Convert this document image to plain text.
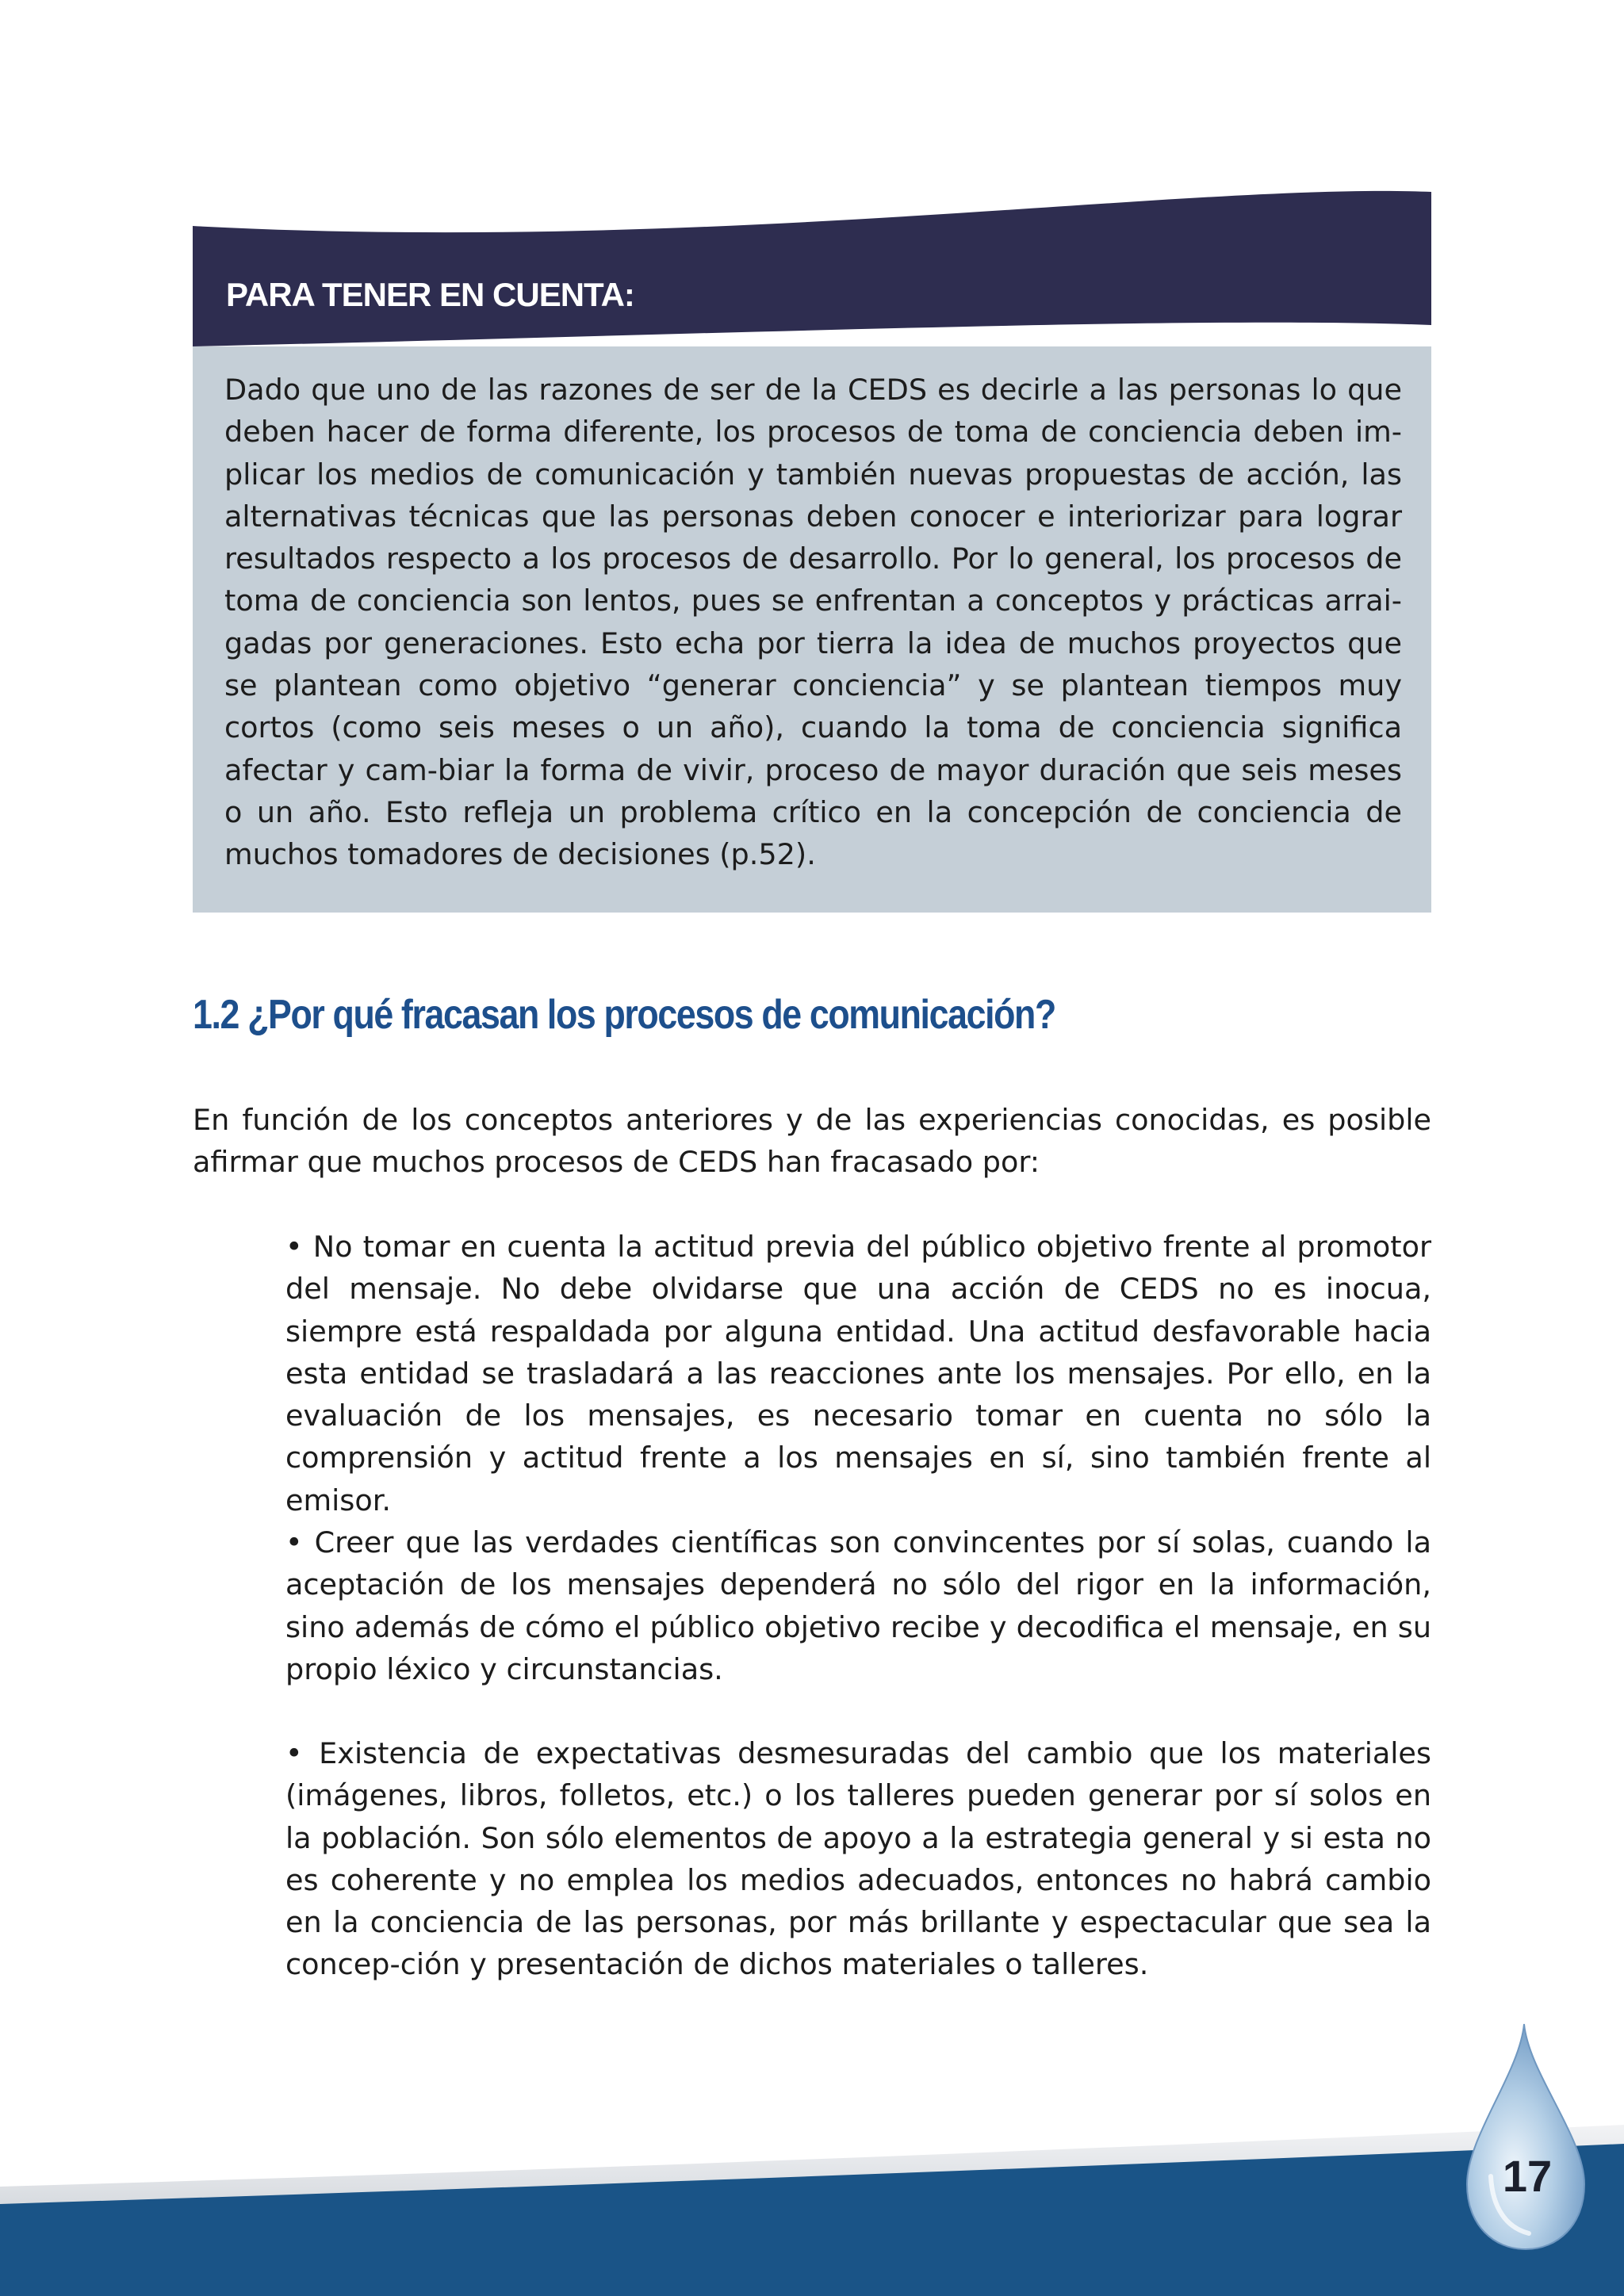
PARA TENER EN CUENTA:

Dado que uno de las razones de ser de la CEDS es decirle a las personas lo que deben hacer de forma diferente, los procesos de toma de conciencia deben im-plicar los medios de comunicación y también nuevas propuestas de acción, las alternativas técnicas que las personas deben conocer e interiorizar para lograr resultados respecto a los procesos de desarrollo. Por lo general, los procesos de toma de conciencia son lentos, pues se enfrentan a conceptos y prácticas arrai-gadas por generaciones. Esto echa por tierra la idea de muchos proyectos que se plantean como objetivo “generar conciencia” y se plantean tiempos muy cortos (como seis meses o un año), cuando la toma de conciencia significa afectar y cam-biar la forma de vivir, proceso de mayor duración que seis meses o un año. Esto refleja un problema crítico en la concepción de conciencia de muchos tomadores de decisiones (p.52).

1.2 ¿Por qué fracasan los procesos de comunicación?

En función de los conceptos anteriores y de las experiencias conocidas, es posible afirmar que muchos procesos de CEDS han fracasado por:

• No tomar en cuenta la actitud previa del público objetivo frente al promotor del mensaje. No debe olvidarse que una acción de CEDS no es inocua, siempre está respaldada por alguna entidad. Una actitud desfavorable hacia esta entidad se trasladará a las reacciones ante los mensajes. Por ello, en la evaluación de los mensajes, es necesario tomar en cuenta no sólo la comprensión y actitud frente a los mensajes en sí, sino también frente al emisor.

• Creer que las verdades científicas son convincentes por sí solas, cuando la aceptación de los mensajes dependerá no sólo del rigor en la información, sino además de cómo el público objetivo recibe y decodifica el mensaje, en su propio léxico y circunstancias.

• Existencia de expectativas desmesuradas del cambio que los materiales (imágenes, libros, folletos, etc.) o los talleres pueden generar por sí solos en la población. Son sólo elementos de apoyo a la estrategia general y si esta no es coherente y no emplea los medios adecuados, entonces no habrá cambio en la conciencia de las personas, por más brillante y espectacular que sea la concep-ción y presentación de dichos materiales o talleres.

17
